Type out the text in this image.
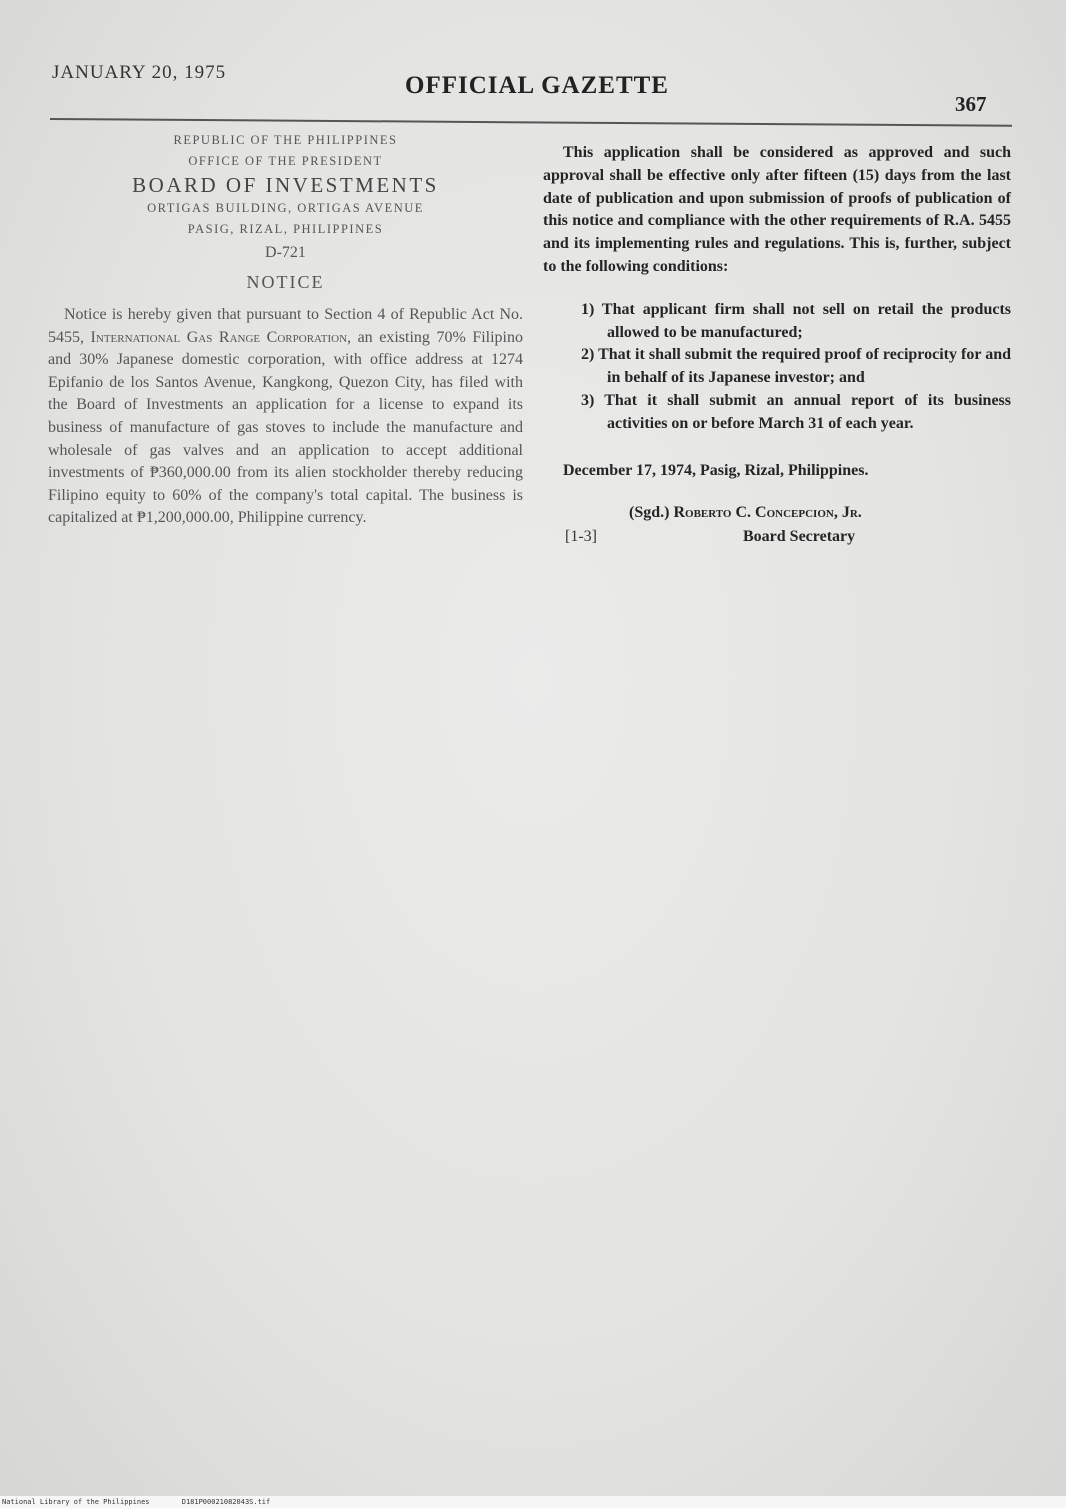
JANUARY 20, 1975	OFFICIAL GAZETTE
367
REPUBLIC OF THE PHILIPPINES
OFFICE OF THE PRESIDENT
BOARD OF INVESTMENTS
ORTIGAS BUILDING, ORTIGAS AVENUE
PASIG, RIZAL, PHILIPPINES
D-721
NOTICE

Notice is hereby given that pursuant to Section 4 of Republic Act No. 5455, International Gas Range Corporation, an existing 70% Filipino and 30% Japanese domestic corporation, with office address at 1274 Epifanio de los Santos Avenue, Kangkong, Quezon City, has filed with the Board of Investments an application for a license to expand its business of manufacture of gas stoves to include the manufacture and wholesale of gas valves and an application to accept additional investments of ₱360,000.00 from its alien stockholder thereby reducing Filipino equity to 60% of the company's total capital. The business is capitalized at ₱1,200,000.00, Philippine currency.

This application shall be considered as approved and such approval shall be effective only after fifteen (15) days from the last date of publication and upon submission of proofs of publication of this notice and compliance with the other requirements of R.A. 5455 and its implementing rules and regulations. This is, further, subject to the following conditions:

1) That applicant firm shall not sell on retail the products allowed to be manufactured;
2) That it shall submit the required proof of reciprocity for and in behalf of its Japanese investor; and
3) That it shall submit an annual report of its business activities on or before March 31 of each year.
December 17, 1974, Pasig, Rizal, Philippines.
(Sgd.) Roberto C. Concepcion, Jr.
[1-3]	Board Secretary
National Library of the Philippines	D181P00021082043S.tif
